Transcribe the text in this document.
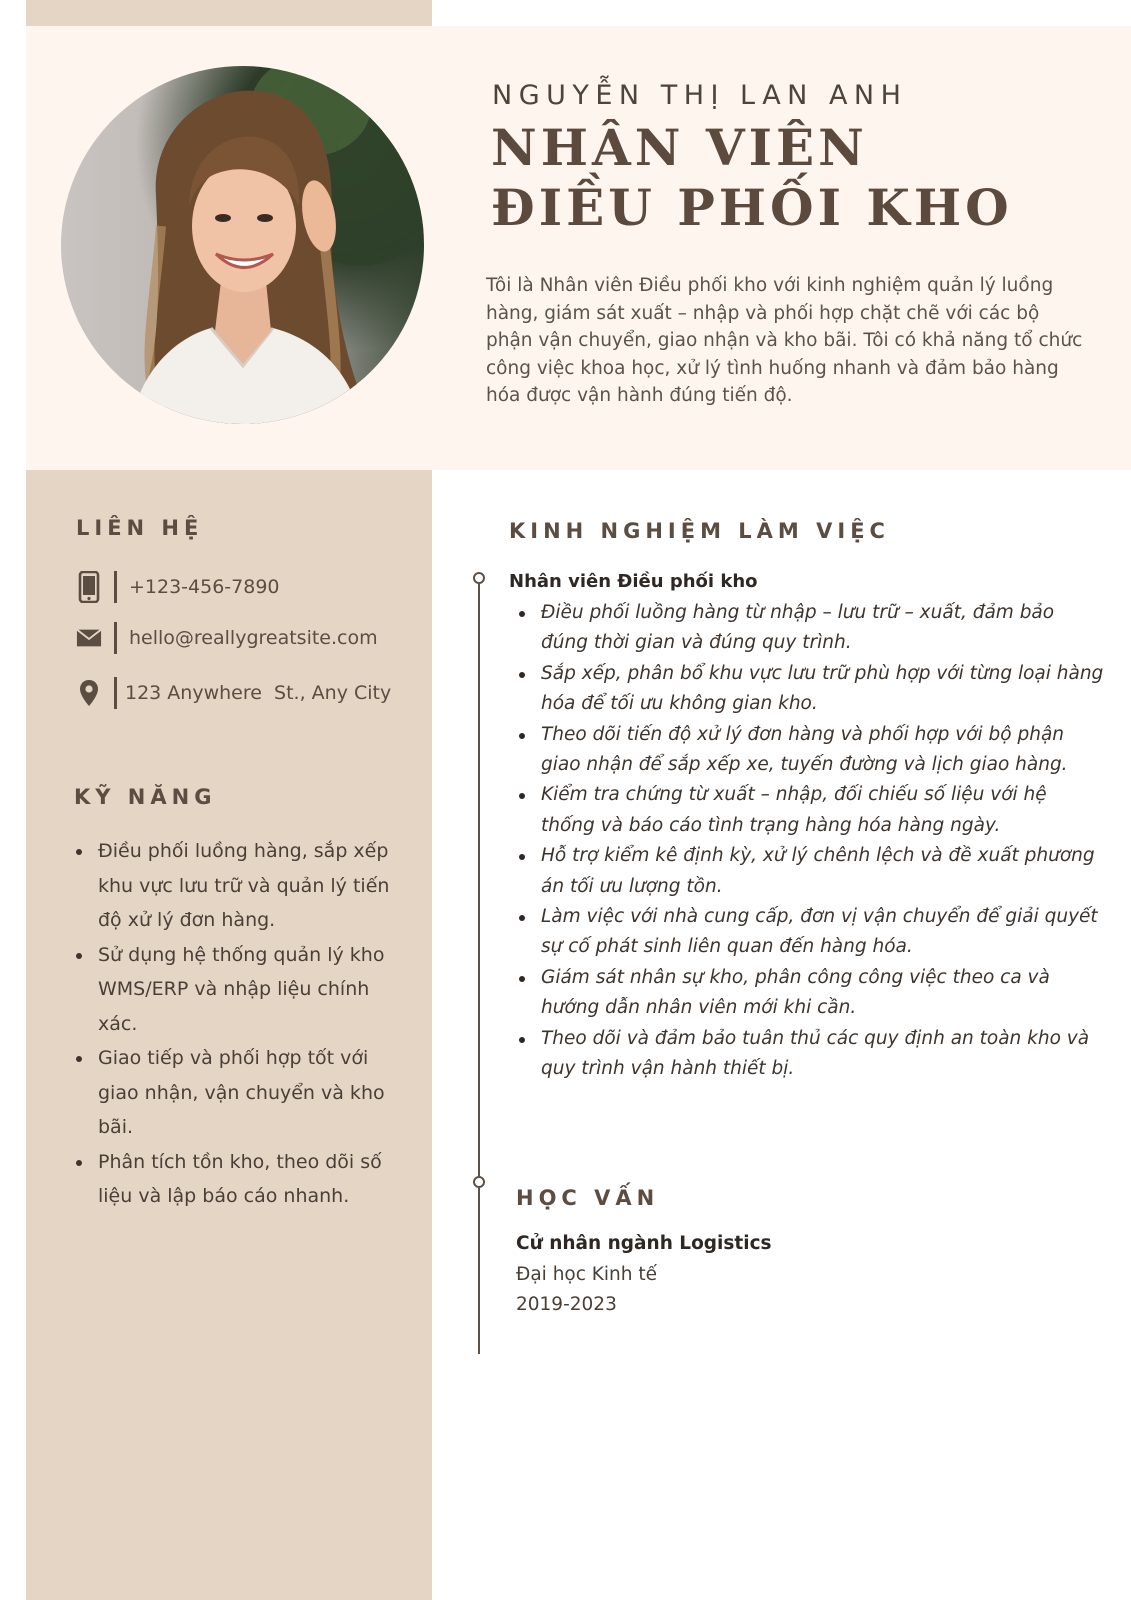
NGUYỄN THỊ LAN ANH
NHÂN VIÊN
ĐIỀU PHỐI KHO
Tôi là Nhân viên Điều phối kho với kinh nghiệm quản lý luồng hàng, giám sát xuất – nhập và phối hợp chặt chẽ với các bộ phận vận chuyển, giao nhận và kho bãi. Tôi có khả năng tổ chức công việc khoa học, xử lý tình huống nhanh và đảm bảo hàng hóa được vận hành đúng tiến độ.
LIÊN HỆ
+123-456-7890
hello@reallygreatsite.com
123 Anywhere  St., Any City
KỸ NĂNG
Điều phối luồng hàng, sắp xếp khu vực lưu trữ và quản lý tiến độ xử lý đơn hàng.
Sử dụng hệ thống quản lý kho WMS/ERP và nhập liệu chính xác.
Giao tiếp và phối hợp tốt với giao nhận, vận chuyển và kho bãi.
Phân tích tồn kho, theo dõi số liệu và lập báo cáo nhanh.
KINH NGHIỆM LÀM VIỆC
Nhân viên Điều phối kho
Điều phối luồng hàng từ nhập – lưu trữ – xuất, đảm bảo đúng thời gian và đúng quy trình.
Sắp xếp, phân bổ khu vực lưu trữ phù hợp với từng loại hàng hóa để tối ưu không gian kho.
Theo dõi tiến độ xử lý đơn hàng và phối hợp với bộ phận giao nhận để sắp xếp xe, tuyến đường và lịch giao hàng.
Kiểm tra chứng từ xuất – nhập, đối chiếu số liệu với hệ thống và báo cáo tình trạng hàng hóa hàng ngày.
Hỗ trợ kiểm kê định kỳ, xử lý chênh lệch và đề xuất phương án tối ưu lượng tồn.
Làm việc với nhà cung cấp, đơn vị vận chuyển để giải quyết sự cố phát sinh liên quan đến hàng hóa.
Giám sát nhân sự kho, phân công công việc theo ca và hướng dẫn nhân viên mới khi cần.
Theo dõi và đảm bảo tuân thủ các quy định an toàn kho và quy trình vận hành thiết bị.
HỌC VẤN
Cử nhân ngành Logistics
Đại học Kinh tế
2019-2023
